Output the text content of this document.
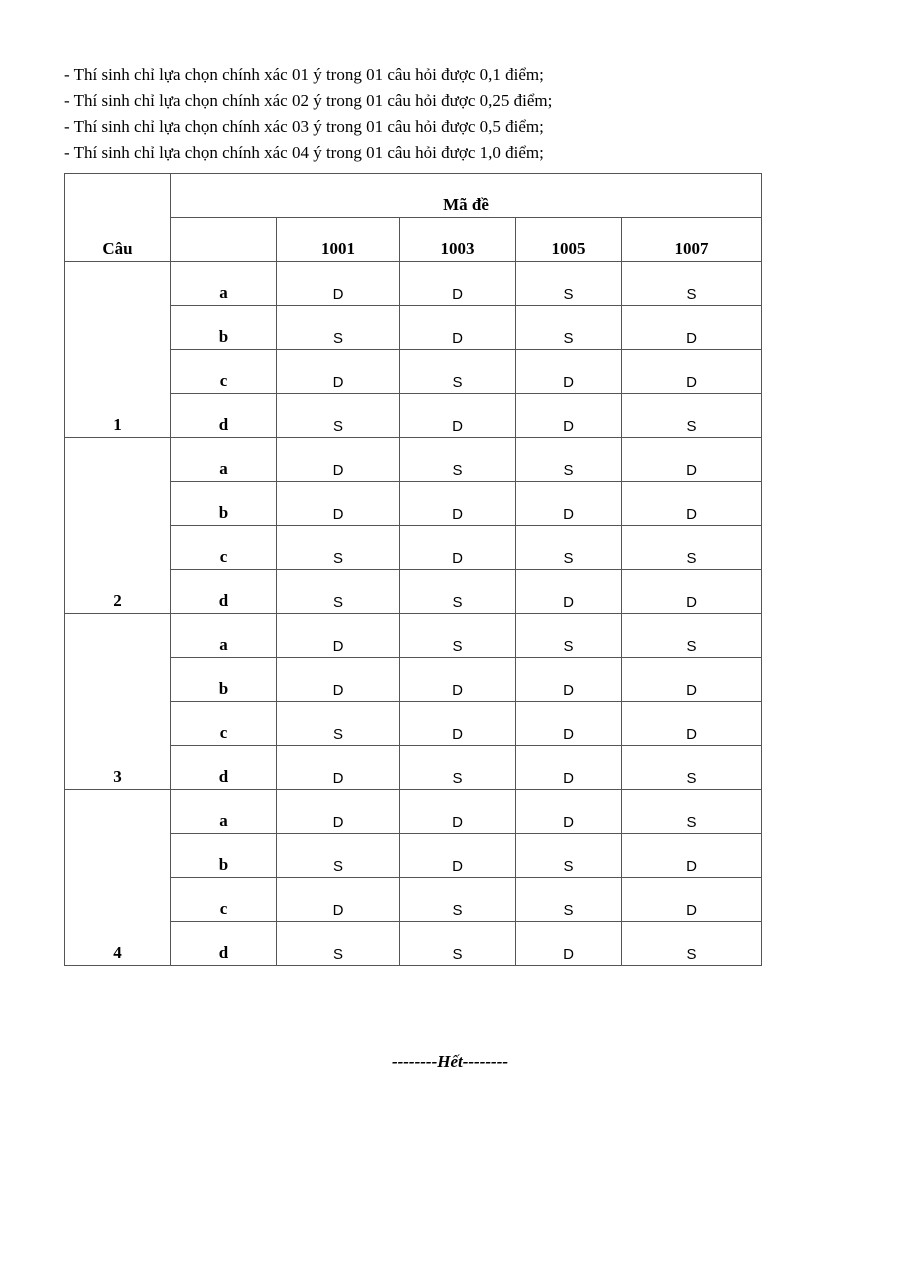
- Thí sinh chỉ lựa chọn chính xác 01 ý trong 01 câu hỏi được 0,1 điểm;
- Thí sinh chỉ lựa chọn chính xác 02 ý trong 01 câu hỏi được 0,25 điểm;
- Thí sinh chỉ lựa chọn chính xác 03 ý trong 01 câu hỏi được 0,5 điểm;
- Thí sinh chỉ lựa chọn chính xác 04 ý trong 01 câu hỏi được 1,0 điểm;
Câu	Mã đề				
		1001	1003	1005	1007
1	a	D	D	S	S
	b	S	D	S	D
	c	D	S	D	D
	d	S	D	D	S
2	a	D	S	S	D
	b	D	D	D	D
	c	S	D	S	S
	d	S	S	D	D
3	a	D	S	S	S
	b	D	D	D	D
	c	S	D	D	D
	d	D	S	D	S
4	a	D	D	D	S
	b	S	D	S	D
	c	D	S	S	D
	d	S	S	D	S
--------Hết--------
